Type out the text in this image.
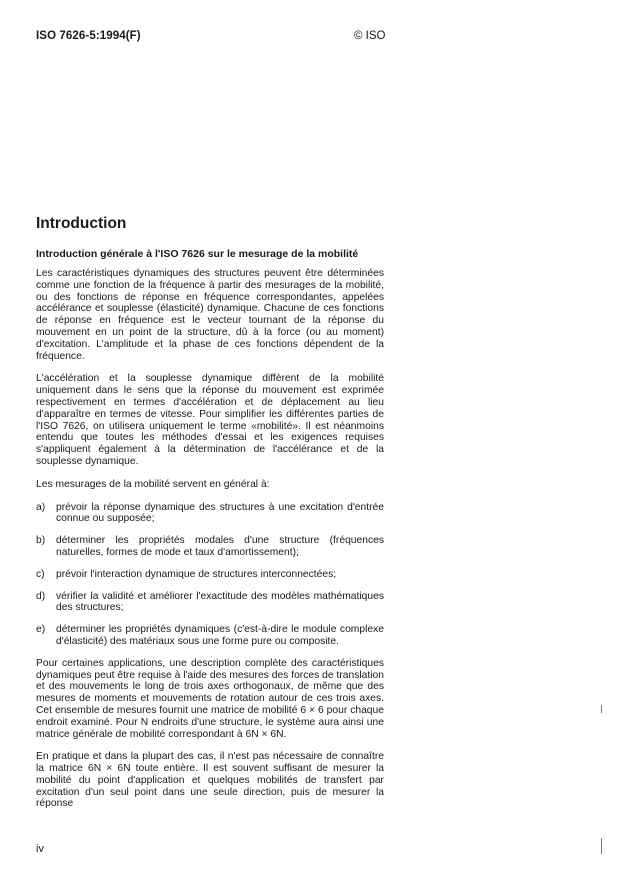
ISO 7626-5:1994(F)	© ISO
Introduction
Introduction générale à l'ISO 7626 sur le mesurage de la mobilité

Les caractéristiques dynamiques des structures peuvent être déterminées comme une fonction de la fréquence à partir des mesurages de la mobilité, ou des fonctions de réponse en fréquence correspondantes, appelées accélérance et souplesse (élasticité) dynamique. Chacune de ces fonctions de réponse en fréquence est le vecteur tournant de la réponse du mouvement en un point de la structure, dû à la force (ou au moment) d'excitation. L'amplitude et la phase de ces fonctions dépendent de la fréquence.

L'accélération et la souplesse dynamique diffèrent de la mobilité uniquement dans le sens que la réponse du mouvement est exprimée respectivement en termes d'accélération et de déplacement au lieu d'apparaître en termes de vitesse. Pour simplifier les différentes parties de l'ISO 7626, on utilisera uniquement le terme «mobilité». Il est néanmoins entendu que toutes les méthodes d'essai et les exigences requises s'appliquent également à la détermination de l'accélérance et de la souplesse dynamique.

Les mesurages de la mobilité servent en général à:

a)	prévoir la réponse dynamique des structures à une excitation d'entrée connue ou supposée;
b)	déterminer les propriétés modales d'une structure (fréquences naturelles, formes de mode et taux d'amortissement);
c)	prévoir l'interaction dynamique de structures interconnectées;
d)	vérifier la validité et améliorer l'exactitude des modèles mathématiques des structures;
e)	déterminer les propriétés dynamiques (c'est-à-dire le module complexe d'élasticité) des matériaux sous une forme pure ou composite.

Pour certaines applications, une description complète des caractéristiques dynamiques peut être requise à l'aide des mesures des forces de translation et des mouvements le long de trois axes orthogonaux, de même que des mesures de moments et mouvements de rotation autour de ces trois axes. Cet ensemble de mesures fournit une matrice de mobilité 6 × 6 pour chaque endroit examiné. Pour N endroits d'une structure, le système aura ainsi une matrice générale de mobilité correspondant à 6N × 6N.

En pratique et dans la plupart des cas, il n'est pas nécessaire de connaître la matrice 6N × 6N toute entière. Il est souvent suffisant de mesurer la mobilité du point d'application et quelques mobilités de transfert par excitation d'un seul point dans une seule direction, puis de mesurer la réponse

iv
